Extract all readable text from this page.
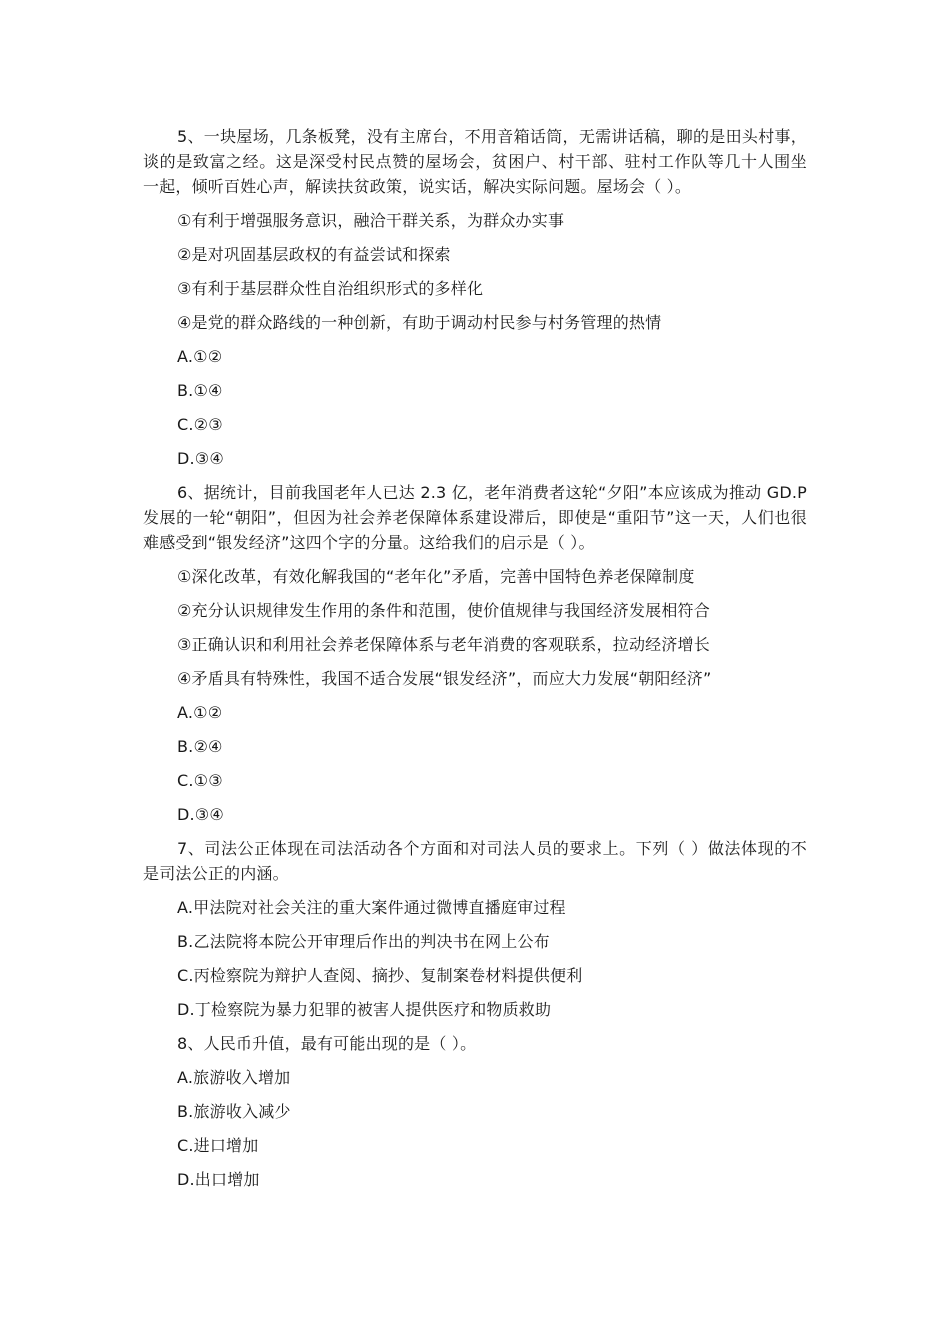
5、一块屋场，几条板凳，没有主席台，不用音箱话筒，无需讲话稿，聊的是田头村事，谈的是致富之经。这是深受村民点赞的屋场会，贫困户、村干部、驻村工作队等几十人围坐一起，倾听百姓心声，解读扶贫政策，说实话，解决实际问题。屋场会（ ）。

①有利于增强服务意识，融洽干群关系，为群众办实事

②是对巩固基层政权的有益尝试和探索

③有利于基层群众性自治组织形式的多样化

④是党的群众路线的一种创新，有助于调动村民参与村务管理的热情

A.①②

B.①④

C.②③

D.③④

6、据统计，目前我国老年人已达 2.3 亿，老年消费者这轮“夕阳”本应该成为推动 GD.P 发展的一轮“朝阳”，但因为社会养老保障体系建设滞后，即使是“重阳节”这一天，人们也很难感受到“银发经济”这四个字的分量。这给我们的启示是（ ）。

①深化改革，有效化解我国的“老年化”矛盾，完善中国特色养老保障制度

②充分认识规律发生作用的条件和范围，使价值规律与我国经济发展相符合

③正确认识和利用社会养老保障体系与老年消费的客观联系，拉动经济增长

④矛盾具有特殊性，我国不适合发展“银发经济”，而应大力发展“朝阳经济”

A.①②

B.②④

C.①③

D.③④

7、司法公正体现在司法活动各个方面和对司法人员的要求上。下列（ ）做法体现的不是司法公正的内涵。

A.甲法院对社会关注的重大案件通过微博直播庭审过程

B.乙法院将本院公开审理后作出的判决书在网上公布

C.丙检察院为辩护人查阅、摘抄、复制案卷材料提供便利

D.丁检察院为暴力犯罪的被害人提供医疗和物质救助

8、人民币升值，最有可能出现的是（ ）。

A.旅游收入增加

B.旅游收入减少

C.进口增加

D.出口增加
